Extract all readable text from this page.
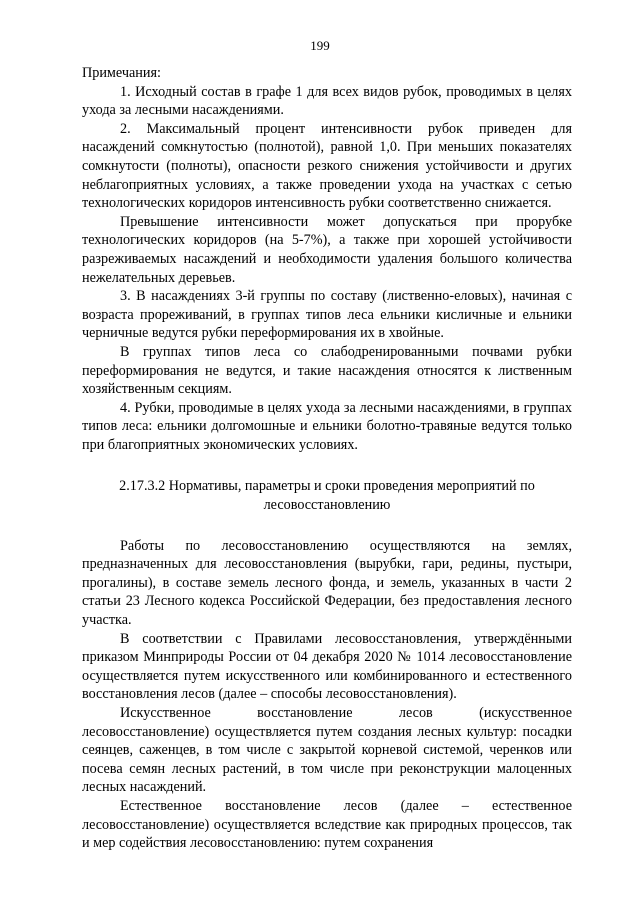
199

Примечания:

1. Исходный состав в графе 1 для всех видов рубок, проводимых в целях ухода за лесными насаждениями.

2. Максимальный процент интенсивности рубок приведен для насаждений сомкнутостью (полнотой), равной 1,0. При меньших показателях сомкнутости (полноты), опасности резкого снижения устойчивости и других неблагоприятных условиях, а также проведении ухода на участках с сетью технологических коридоров интенсивность рубки соответственно снижается.

Превышение интенсивности может допускаться при прорубке технологических коридоров (на 5-7%), а также при хорошей устойчивости разреживаемых насаждений и необходимости удаления большого количества нежелательных деревьев.

3. В насаждениях 3-й группы по составу (лиственно-еловых), начиная с возраста прореживаний, в группах типов леса ельники кисличные и ельники черничные ведутся рубки переформирования их в хвойные.

В группах типов леса со слабодренированными почвами рубки переформирования не ведутся, и такие насаждения относятся к лиственным хозяйственным секциям.

4. Рубки, проводимые в целях ухода за лесными насаждениями, в группах типов леса: ельники долгомошные и ельники болотно-травяные ведутся только при благоприятных экономических условиях.

2.17.3.2 Нормативы, параметры и сроки проведения мероприятий по
лесовосстановлению

Работы по лесовосстановлению осуществляются на землях, предназначенных для лесовосстановления (вырубки, гари, редины, пустыри, прогалины), в составе земель лесного фонда, и земель, указанных в части 2 статьи 23 Лесного кодекса Российской Федерации, без предоставления лесного участка.

В соответствии с Правилами лесовосстановления, утверждёнными приказом Минприроды России от 04 декабря 2020 № 1014 лесовосстановление осуществляется путем искусственного или комбинированного и естественного восстановления лесов (далее – способы лесовосстановления).

Искусственное восстановление лесов (искусственное лесовосстановление) осуществляется путем создания лесных культур: посадки сеянцев, саженцев, в том числе с закрытой корневой системой, черенков или посева семян лесных растений, в том числе при реконструкции малоценных лесных насаждений.

Естественное восстановление лесов (далее – естественное лесовосстановление) осуществляется вследствие как природных процессов, так и мер содействия лесовосстановлению: путем сохранения
